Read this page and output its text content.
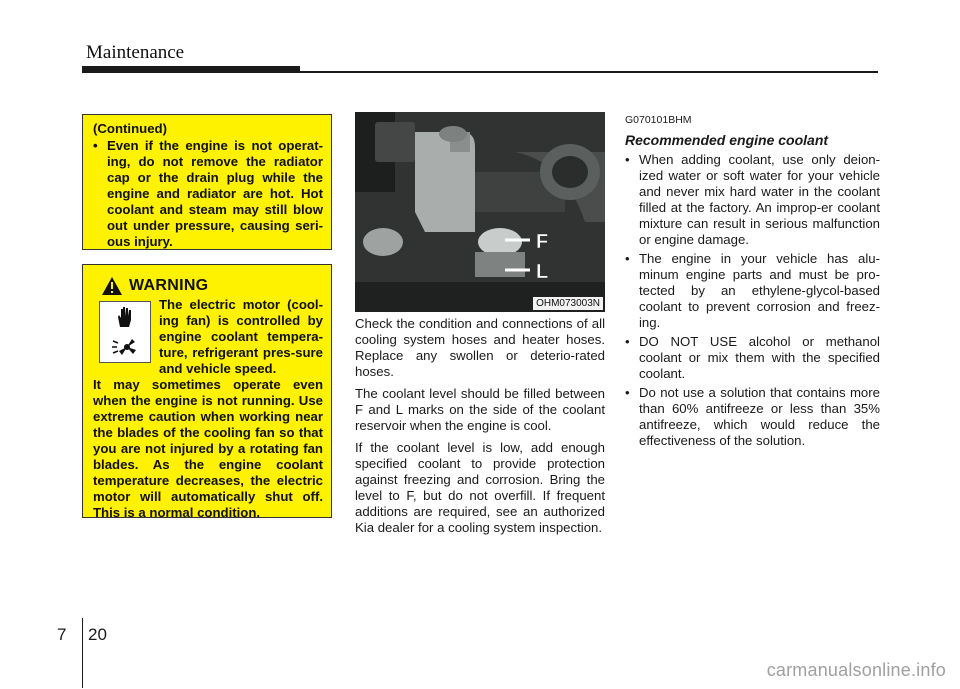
Maintenance
(Continued)
• Even if the engine is not operat-ing, do not remove the radiator cap or the drain plug while the engine and radiator are hot. Hot coolant and steam may still blow out under pressure, causing seri-ous injury.
WARNING
The electric motor (cool-ing fan) is controlled by engine coolant tempera-ture, refrigerant pres-sure and vehicle speed.
It may sometimes operate even when the engine is not running. Use extreme caution when working near the blades of the cooling fan so that you are not injured by a rotating fan blades. As the engine coolant temperature decreases, the electric motor will automatically shut off. This is a normal condition.
F
L
OHM073003N

Check the condition and connections of all cooling system hoses and heater hoses. Replace any swollen or deterio-rated hoses.

The coolant level should be filled between F and L marks on the side of the coolant reservoir when the engine is cool.

If the coolant level is low, add enough specified coolant to provide protection against freezing and corrosion. Bring the level to F, but do not overfill. If frequent additions are required, see an authorized Kia dealer for a cooling system inspection.

G070101BHM
Recommended engine coolant
• When adding coolant, use only deion-ized water or soft water for your vehicle and never mix hard water in the coolant filled at the factory. An improp-er coolant mixture can result in serious malfunction or engine damage.
• The engine in your vehicle has alu-minum engine parts and must be pro-tected by an ethylene-glycol-based coolant to prevent corrosion and freez-ing.
• DO NOT USE alcohol or methanol coolant or mix them with the specified coolant.
• Do not use a solution that contains more than 60% antifreeze or less than 35% antifreeze, which would reduce the effectiveness of the solution.
7 20
carmanualsonline.info
